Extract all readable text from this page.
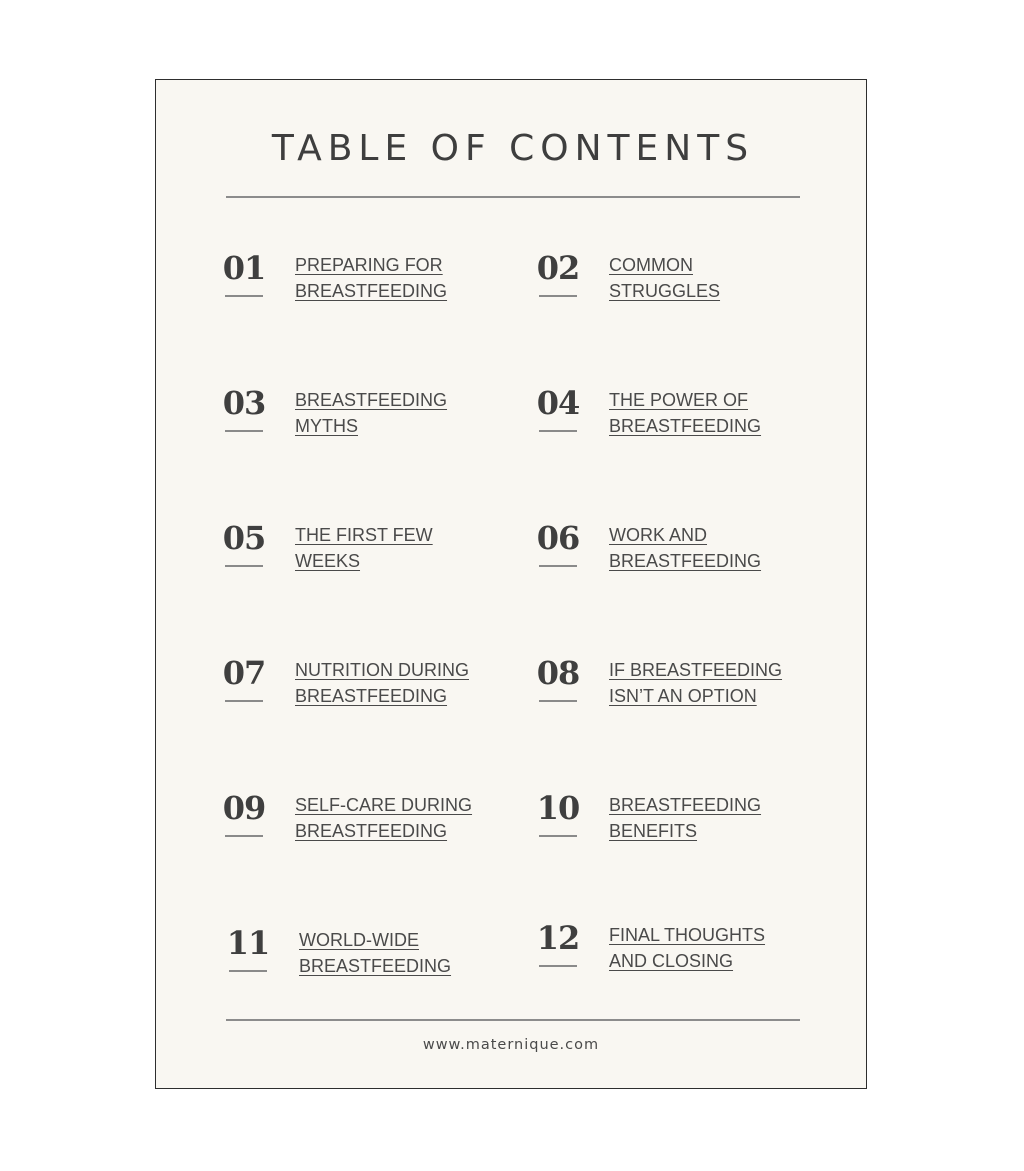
TABLE OF CONTENTS
01 PREPARING FOR
BREASTFEEDING
02 COMMON
STRUGGLES
03 BREASTFEEDING
MYTHS
04 THE POWER OF
BREASTFEEDING
05 THE FIRST FEW
WEEKS
06 WORK AND
BREASTFEEDING
07 NUTRITION DURING
BREASTFEEDING
08 IF BREASTFEEDING
ISN’T AN OPTION
09 SELF-CARE DURING
BREASTFEEDING
10 BREASTFEEDING
BENEFITS
11 WORLD-WIDE
BREASTFEEDING
12 FINAL THOUGHTS
AND CLOSING
www.maternique.com
